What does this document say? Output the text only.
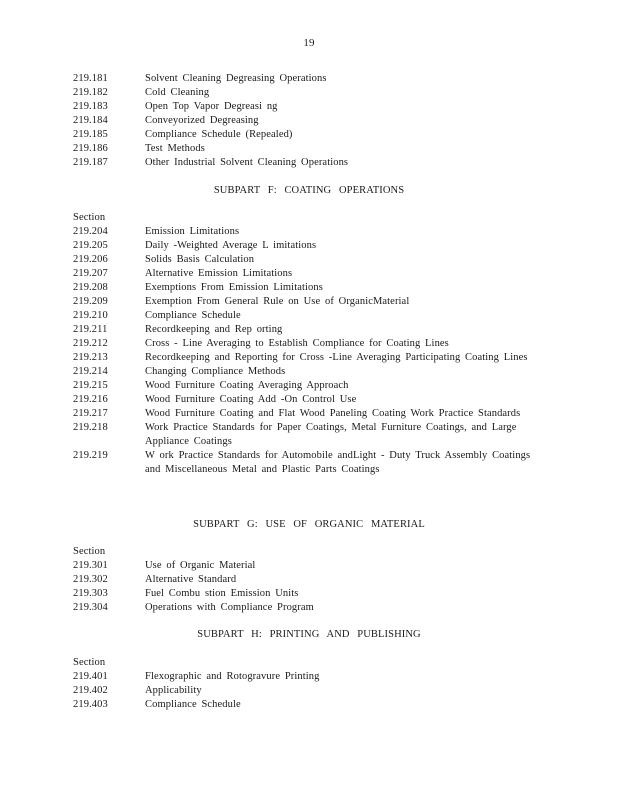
19
219.181	Solvent Cleaning Degreasing Operations
219.182	Cold Cleaning
219.183	Open Top Vapor Degreasi ng
219.184	Conveyorized Degreasing
219.185	Compliance Schedule (Repealed)
219.186	Test Methods
219.187	Other Industrial Solvent Cleaning Operations
SUBPART F: COATING OPERATIONS
Section
219.204	Emission Limitations
219.205	Daily -Weighted Average L imitations
219.206	Solids Basis Calculation
219.207	Alternative Emission Limitations
219.208	Exemptions From Emission Limitations
219.209	Exemption From General Rule on Use of OrganicMaterial
219.210	Compliance Schedule
219.211	Recordkeeping and Rep orting
219.212	Cross - Line Averaging to Establish Compliance for Coating Lines
219.213	Recordkeeping and Reporting for Cross -Line Averaging Participating Coating Lines
219.214	Changing Compliance Methods
219.215	Wood Furniture Coating Averaging Approach
219.216	Wood Furniture Coating Add -On Control Use
219.217	Wood Furniture Coating and Flat Wood Paneling Coating Work Practice Standards
219.218	Work Practice Standards for Paper Coatings, Metal Furniture Coatings, and Large Appliance Coatings
219.219	W ork Practice Standards for Automobile andLight - Duty Truck Assembly Coatings and Miscellaneous Metal and Plastic Parts Coatings
SUBPART G: USE OF ORGANIC MATERIAL
Section
219.301	Use of Organic Material
219.302	Alternative Standard
219.303	Fuel Combu stion Emission Units
219.304	Operations with Compliance Program
SUBPART H: PRINTING AND PUBLISHING
Section
219.401	Flexographic and Rotogravure Printing
219.402	Applicability
219.403	Compliance Schedule
